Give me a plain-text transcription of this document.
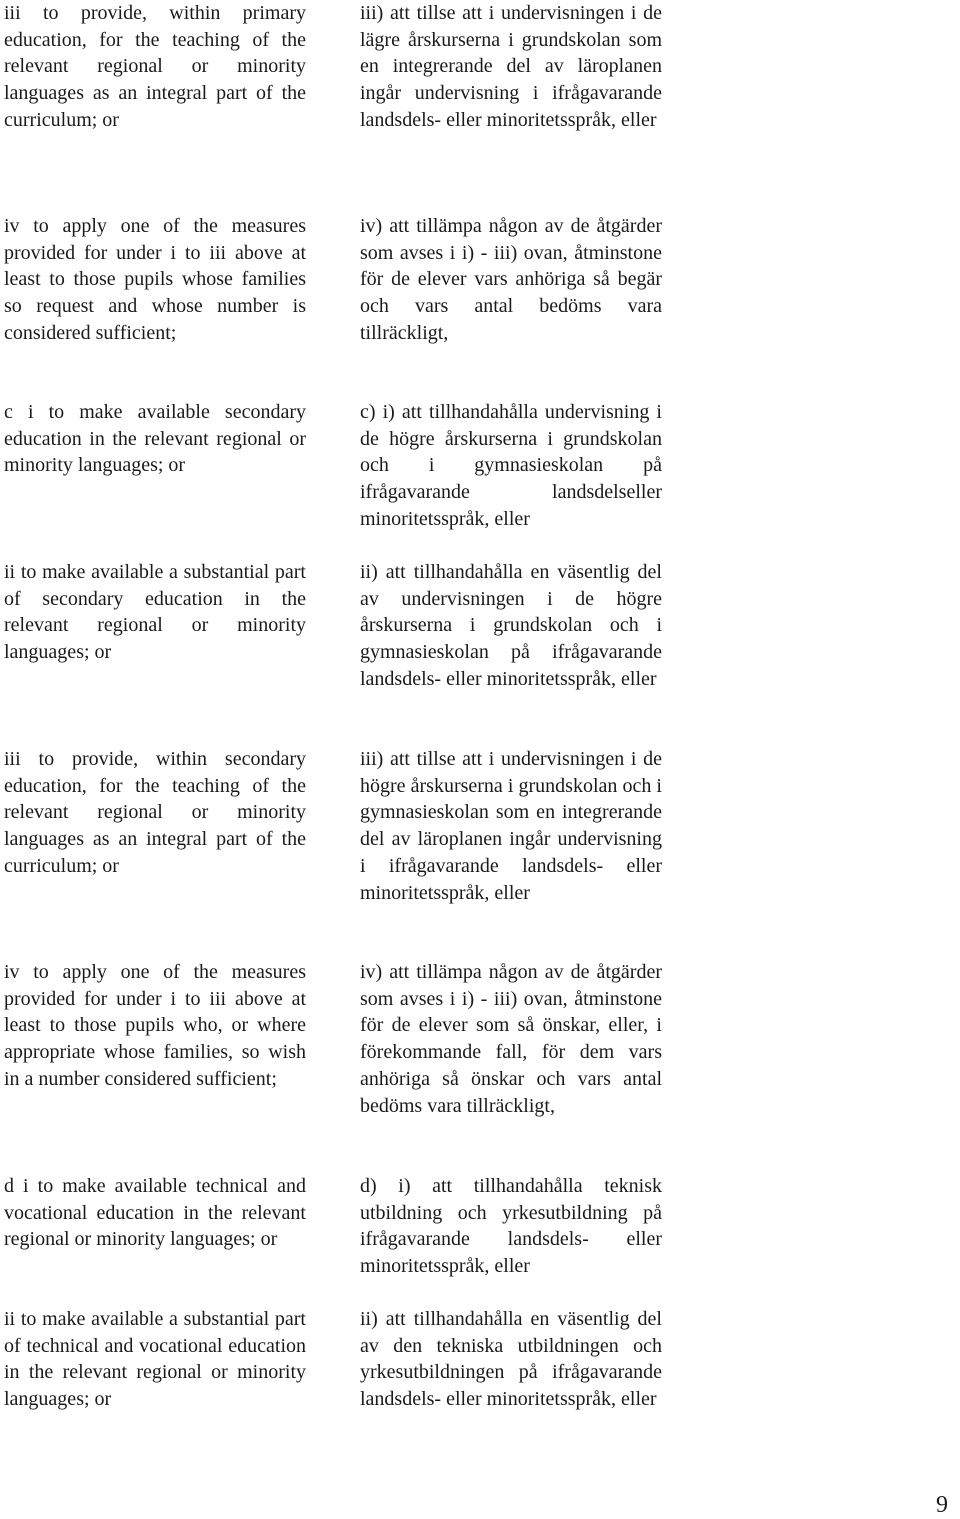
iii to provide, within primary education, for the teaching of the relevant regional or minority languages as an integral part of the curriculum; or
iii) att tillse att i undervisningen i de lägre årskurserna i grundskolan som en integrerande del av läroplanen ingår undervisning i ifrågavarande landsdels- eller minoritetsspråk, eller
iv to apply one of the measures provided for under i to iii above at least to those pupils whose families so request and whose number is considered sufficient;
iv) att tillämpa någon av de åtgärder som avses i i) - iii) ovan, åtminstone för de elever vars anhöriga så begär och vars antal bedöms vara tillräckligt,
c i to make available secondary education in the relevant regional or minority languages; or
c) i) att tillhandahålla undervisning i de högre årskurserna i grundskolan och i gymnasieskolan på ifrågavarande landsdelseller minoritetsspråk, eller
ii to make available a substantial part of secondary education in the relevant regional or minority languages; or
ii) att tillhandahålla en väsentlig del av undervisningen i de högre årskurserna i grundskolan och i gymnasieskolan på ifrågavarande landsdels- eller minoritetsspråk, eller
iii to provide, within secondary education, for the teaching of the relevant regional or minority languages as an integral part of the curriculum; or
iii) att tillse att i undervisningen i de högre årskurserna i grundskolan och i gymnasieskolan som en integrerande del av läroplanen ingår undervisning i ifrågavarande landsdels- eller minoritetsspråk, eller
iv to apply one of the measures provided for under i to iii above at least to those pupils who, or where appropriate whose families, so wish in a number considered sufficient;
iv) att tillämpa någon av de åtgärder som avses i i) - iii) ovan, åtminstone för de elever som så önskar, eller, i förekommande fall, för dem vars anhöriga så önskar och vars antal bedöms vara tillräckligt,
d i to make available technical and vocational education in the relevant regional or minority languages; or
d) i) att tillhandahålla teknisk utbildning och yrkesutbildning på ifrågavarande landsdels- eller minoritetsspråk, eller
ii to make available a substantial part of technical and vocational education in the relevant regional or minority languages; or
ii) att tillhandahålla en väsentlig del av den tekniska utbildningen och yrkesutbildningen på ifrågavarande landsdels- eller minoritetsspråk, eller
9
